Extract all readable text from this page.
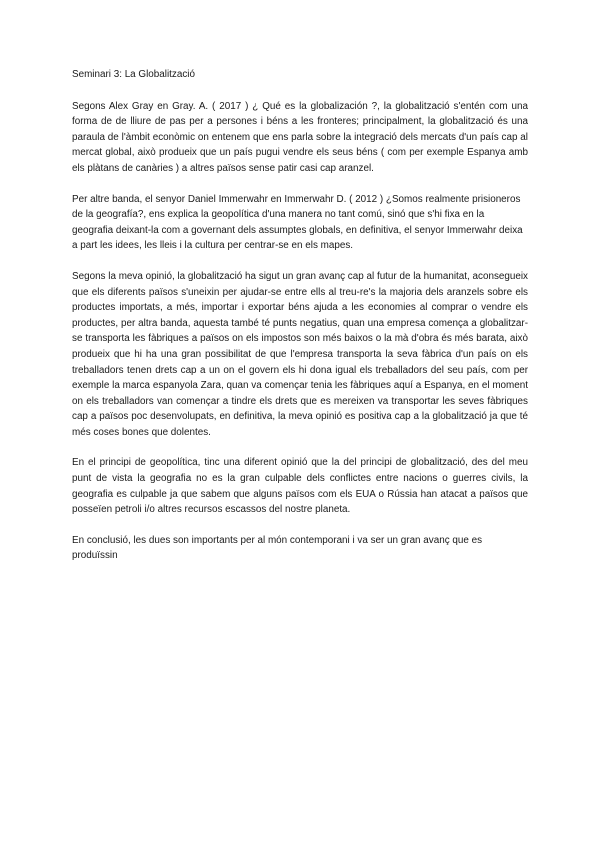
Seminari 3: La Globalització

Segons Alex Gray en Gray. A. ( 2017 ) ¿ Qué es la globalización ?, la globalització s'entén com una forma de de lliure de pas per a persones i béns a les fronteres; principalment, la globalització és una paraula de l'àmbit econòmic on entenem que ens parla sobre la integració dels mercats d'un país cap al mercat global, això produeix que un país pugui vendre els seus béns ( com per exemple Espanya amb els plàtans de canàries ) a altres països sense patir casi cap aranzel.

Per altre banda, el senyor Daniel Immerwahr en Immerwahr D. ( 2012 ) ¿Somos realmente prisioneros de la geografía?, ens explica la geopolítica d'una manera no tant comú, sinó que s'hi fixa en la geografia deixant-la com a governant dels assumptes globals, en definitiva, el senyor Immerwahr deixa a part les idees, les lleis i la cultura per centrar-se en els mapes.

Segons la meva opinió, la globalització ha sigut un gran avanç cap al futur de la humanitat, aconsegueix que els diferents països s'uneixin per ajudar-se entre ells al treu-re's la majoria dels aranzels sobre els productes importats, a més, importar i exportar béns ajuda a les economies al comprar o vendre els productes, per altra banda, aquesta també té punts negatius, quan una empresa comença a globalitzar-se transporta les fàbriques a països on els impostos son més baixos o la mà d'obra és més barata, això produeix que hi ha una gran possibilitat de que l'empresa transporta la seva fàbrica d'un país on els treballadors tenen drets cap a un on el govern els hi dona igual els treballadors del seu país, com per exemple la marca espanyola Zara, quan va començar tenia les fàbriques aquí a Espanya, en el moment on els treballadors van començar a tindre els drets que es mereixen va transportar les seves fàbriques cap a països poc desenvolupats, en definitiva, la meva opinió es positiva cap a la globalització ja que té més coses bones que dolentes.

En el principi de geopolítica, tinc una diferent opinió que la del principi de globalització, des del meu punt de vista la geografia no es la gran culpable dels conflictes entre nacions o guerres civils, la geografia es culpable ja que sabem que alguns països com els EUA o Rússia han atacat a països que posseïen petroli i/o altres recursos escassos del nostre planeta.

En conclusió, les dues son importants per al món contemporani i va ser un gran avanç que es produïssin
